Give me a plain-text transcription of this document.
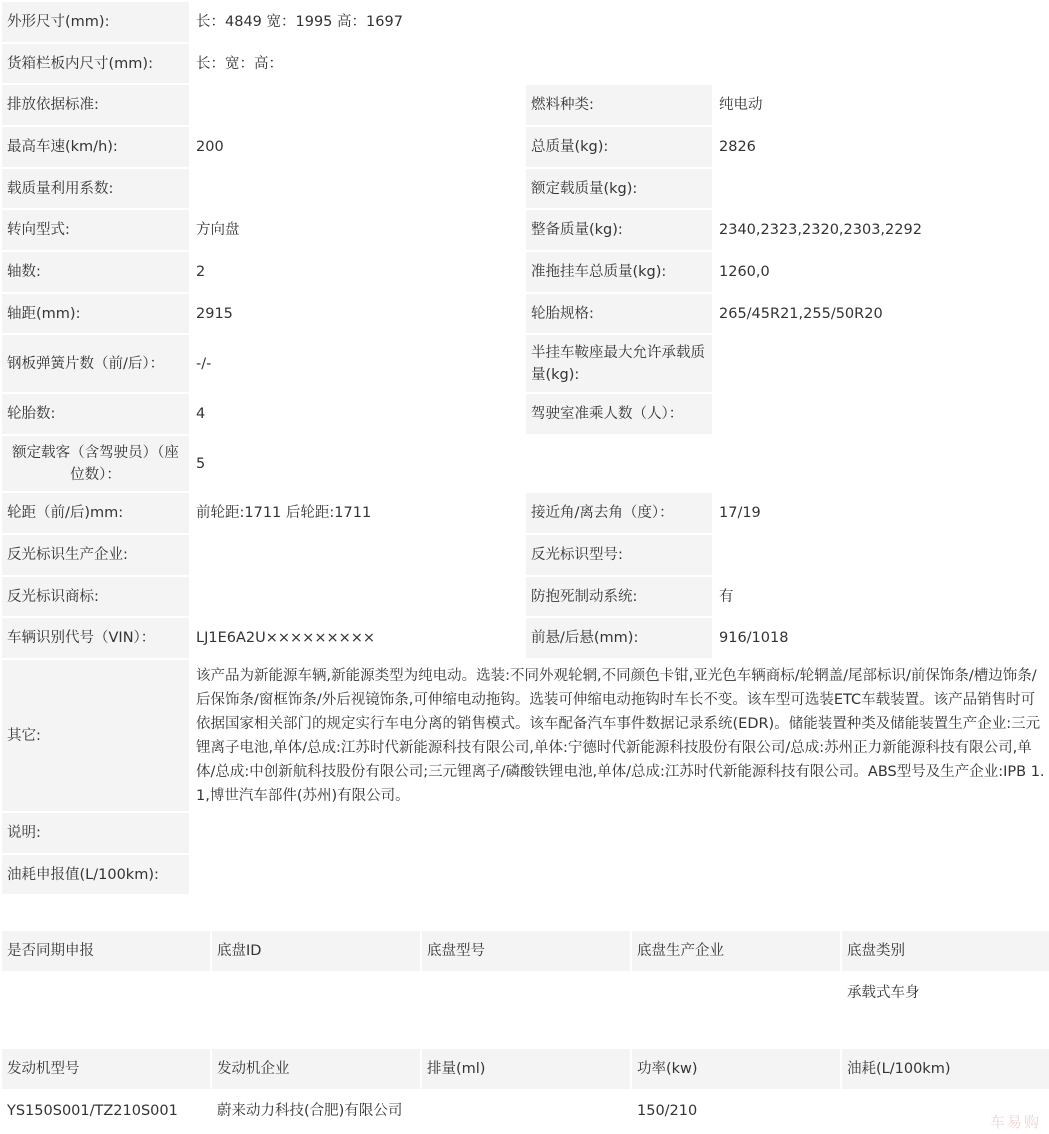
外形尺寸(mm):	长：4849 宽：1995 高：1697		
货箱栏板内尺寸(mm):	长：宽：高：		
排放依据标准:		燃料种类:	纯电动
最高车速(km/h):	200	总质量(kg):	2826
载质量利用系数:		额定载质量(kg):	
转向型式:	方向盘	整备质量(kg):	2340,2323,2320,2303,2292
轴数:	2	准拖挂车总质量(kg):	1260,0
轴距(mm):	2915	轮胎规格:	265/45R21,255/50R20
钢板弹簧片数（前/后）：	-/-	半挂车鞍座最大允许承载质量(kg):	
轮胎数:	4	驾驶室准乘人数（人）：	
额定载客（含驾驶员）（座位数）：	5		
轮距（前/后)mm:	前轮距:1711 后轮距:1711	接近角/离去角（度）：	17/19
反光标识生产企业:		反光标识型号:	
反光标识商标:		防抱死制动系统:	有
车辆识别代号（VIN）：	LJ1E6A2U×××××××××	前悬/后悬(mm):	916/1018
其它:	该产品为新能源车辆,新能源类型为纯电动。选装:不同外观轮辋,不同颜色卡钳,亚光色车辆商标/轮辋盖/尾部标识/前保饰条/槽边饰条/后保饰条/窗框饰条/外后视镜饰条,可伸缩电动拖钩。选装可伸缩电动拖钩时车长不变。该车型可选装ETC车载装置。该产品销售时可依据国家相关部门的规定实行车电分离的销售模式。该车配备汽车事件数据记录系统(EDR)。储能装置种类及储能装置生产企业:三元锂离子电池,单体/总成:江苏时代新能源科技有限公司,单体:宁德时代新能源科技股份有限公司/总成:苏州正力新能源科技有限公司,单体/总成:中创新航科技股份有限公司;三元锂离子/磷酸铁锂电池,单体/总成:江苏时代新能源科技有限公司。ABS型号及生产企业:IPB 1.1,博世汽车部件(苏州)有限公司。		
说明:			
油耗申报值(L/100km):			
是否同期申报	底盘ID	底盘型号	底盘生产企业	底盘类别
				承载式车身
发动机型号	发动机企业	排量(ml)	功率(kw)	油耗(L/100km)
YS150S001/TZ210S001	蔚来动力科技(合肥)有限公司		150/210	
车易购
